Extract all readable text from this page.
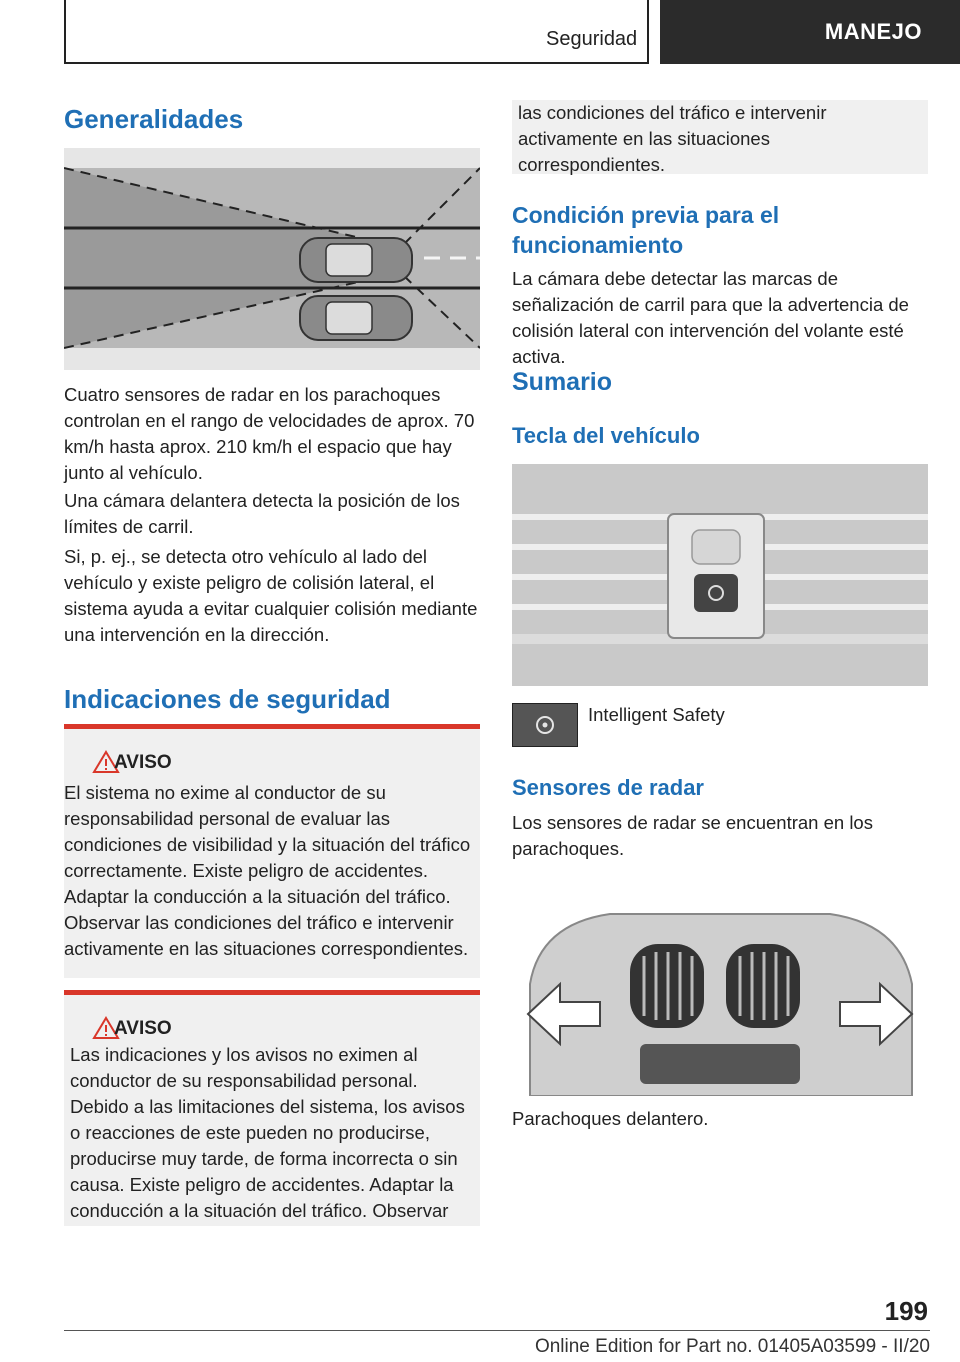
Seguridad	MANEJO
Generalidades
Cuatro sensores de radar en los parachoques controlan en el rango de velocidades de aprox. 70 km/h hasta aprox. 210 km/h el espacio que hay junto al vehículo.
Una cámara delantera detecta la posición de los límites de carril.
Si, p. ej., se detecta otro vehículo al lado del vehículo y existe peligro de colisión lateral, el sistema ayuda a evitar cualquier colisión mediante una intervención en la dirección.
Indicaciones de seguridad
AVISO
El sistema no exime al conductor de su responsabilidad personal de evaluar las condiciones de visibilidad y la situación del tráfico correctamente. Existe peligro de accidentes. Adaptar la conducción a la situación del tráfico. Observar las condiciones del tráfico e intervenir activamente en las situaciones correspondientes.
AVISO
Las indicaciones y los avisos no eximen al conductor de su responsabilidad personal. Debido a las limitaciones del sistema, los avisos o reacciones de este pueden no producirse, producirse muy tarde, de forma incorrecta o sin causa. Existe peligro de accidentes. Adaptar la conducción a la situación del tráfico. Observar
las condiciones del tráfico e intervenir activamente en las situaciones correspondientes.
Condición previa para el funcionamiento
La cámara debe detectar las marcas de señalización de carril para que la advertencia de colisión lateral con intervención del volante esté activa.
Sumario
Tecla del vehículo
Intelligent Safety
Sensores de radar
Los sensores de radar se encuentran en los parachoques.
Parachoques delantero.
199
Online Edition for Part no. 01405A03599 - II/20
